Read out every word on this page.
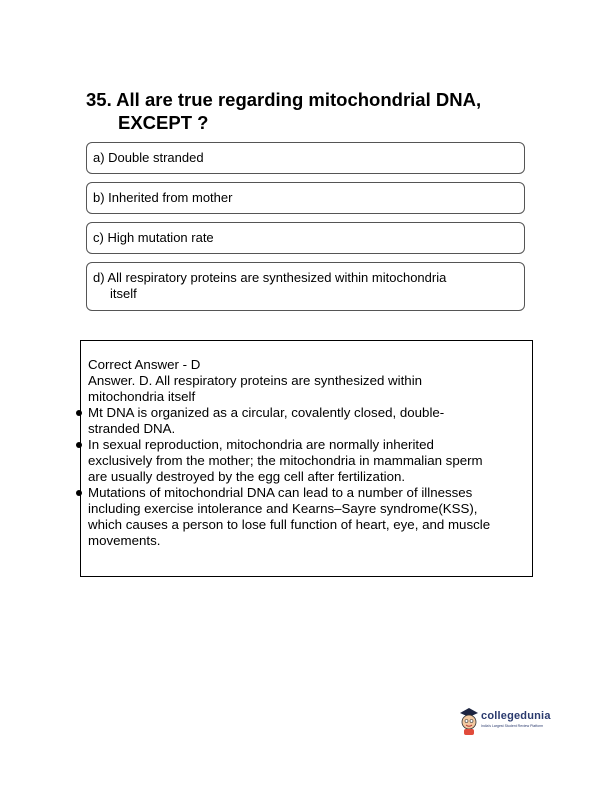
35. All are true regarding mitochondrial DNA,
EXCEPT ?
a) Double stranded
b) Inherited from mother
c) High mutation rate
d) All respiratory proteins are synthesized within mitochondria
itself
Correct Answer - D
Answer. D. All respiratory proteins are synthesized within
mitochondria itself
Mt DNA is organized as a circular, covalently closed, double-
stranded DNA.
In sexual reproduction, mitochondria are normally inherited
exclusively from the mother; the mitochondria in mammalian sperm
are usually destroyed by the egg cell after fertilization.
Mutations of mitochondrial DNA can lead to a number of illnesses
including exercise intolerance and Kearns–Sayre syndrome(KSS),
which causes a person to lose full function of heart, eye, and muscle
movements.
collegedunia
India's Largest Student Review Platform
